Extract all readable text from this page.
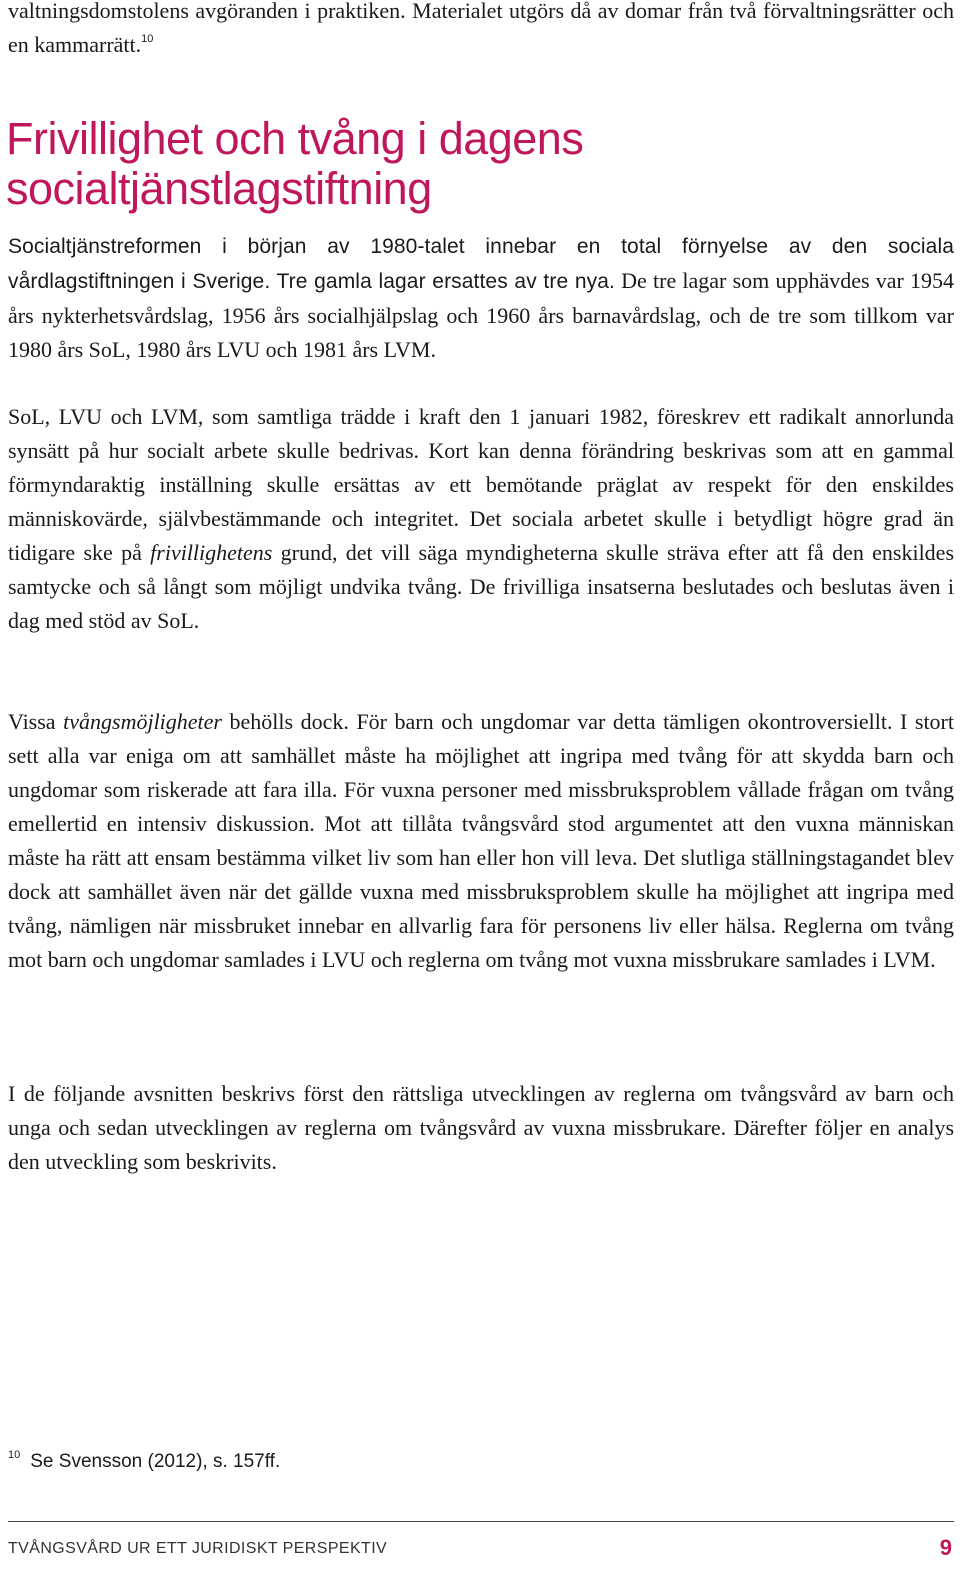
valtningsdomstolens avgöranden i praktiken. Materialet utgörs då av domar från två förvaltningsrätter och en kammarrätt.$^{10}$

Frivillighet och tvång i dagens
socialtjänstlagstiftning

Socialtjänstreformen i början av 1980-talet innebar en total förnyelse av den sociala vårdlagstiftningen i Sverige. Tre gamla lagar ersattes av tre nya. De tre lagar som upphävdes var 1954 års nykterhetsvårdslag, 1956 års socialhjälpslag och 1960 års barnavårdslag, och de tre som tillkom var 1980 års SoL, 1980 års LVU och 1981 års LVM.

SoL, LVU och LVM, som samtliga trädde i kraft den 1 januari 1982, föreskrev ett radikalt annorlunda synsätt på hur socialt arbete skulle bedrivas. Kort kan denna förändring beskrivas som att en gammal förmyndaraktig inställning skulle ersättas av ett bemötande präglat av respekt för den enskildes människovärde, självbestämmande och integritet. Det sociala arbetet skulle i betydligt högre grad än tidigare ske på frivillighetens grund, det vill säga myndigheterna skulle sträva efter att få den enskildes samtycke och så långt som möjligt undvika tvång. De frivilliga insatserna beslutades och beslutas även i dag med stöd av SoL.

Vissa tvångsmöjligheter behölls dock. För barn och ungdomar var detta tämligen okontroversiellt. I stort sett alla var eniga om att samhället måste ha möjlighet att ingripa med tvång för att skydda barn och ungdomar som riskerade att fara illa. För vuxna personer med missbruksproblem vållade frågan om tvång emellertid en intensiv diskussion. Mot att tillåta tvångsvård stod argumentet att den vuxna människan måste ha rätt att ensam bestämma vilket liv som han eller hon vill leva. Det slutliga ställningstagandet blev dock att samhället även när det gällde vuxna med missbruksproblem skulle ha möjlighet att ingripa med tvång, nämligen när missbruket innebar en allvarlig fara för personens liv eller hälsa. Reglerna om tvång mot barn och ungdomar samlades i LVU och reglerna om tvång mot vuxna missbrukare samlades i LVM.

I de följande avsnitten beskrivs först den rättsliga utvecklingen av reglerna om tvångsvård av barn och unga och sedan utvecklingen av reglerna om tvångsvård av vuxna missbrukare. Därefter följer en analys den utveckling som beskrivits.

$^{10}$ Se Svensson (2012), s. 157ff.
TVÅNGSVÅRD UR ETT JURIDISKT PERSPEKTIV	9
